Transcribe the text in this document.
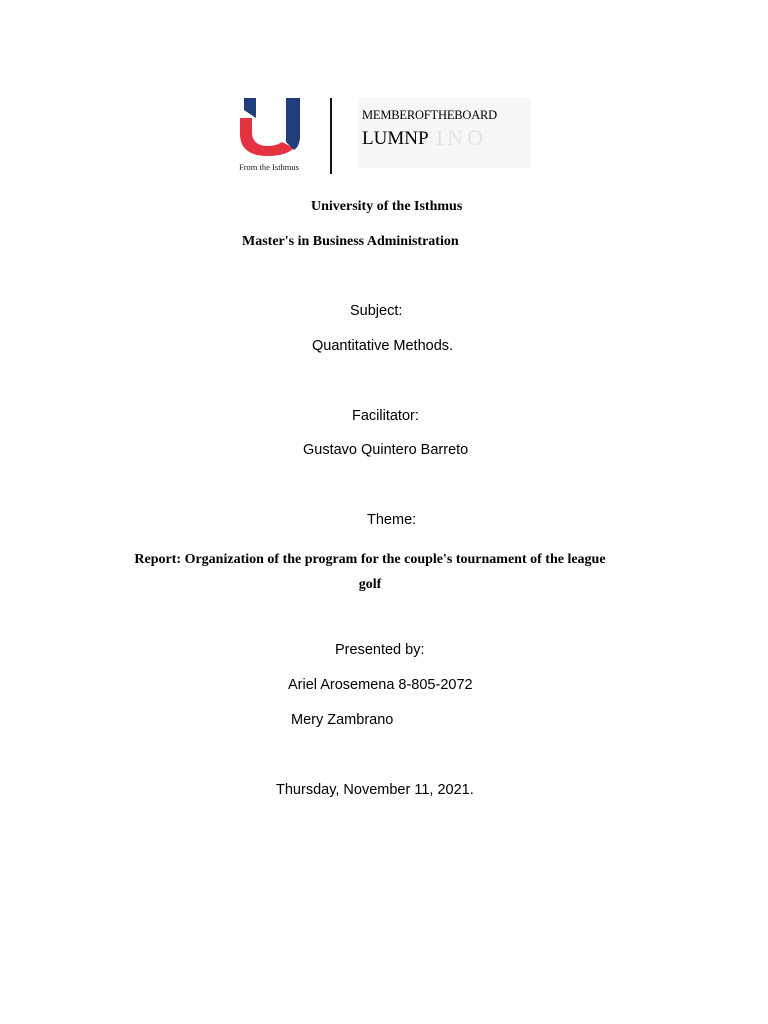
From the Isthmus
INO
MEMBEROFTHEBOARD
LUMNP
University of the Isthmus
Master's in Business Administration
Subject:
Quantitative Methods.
Facilitator:
Gustavo Quintero Barreto
Theme:
Report: Organization of the program for the couple's tournament of the league
golf
Presented by:
Ariel Arosemena 8-805-2072
Mery Zambrano
Thursday, November 11, 2021.
